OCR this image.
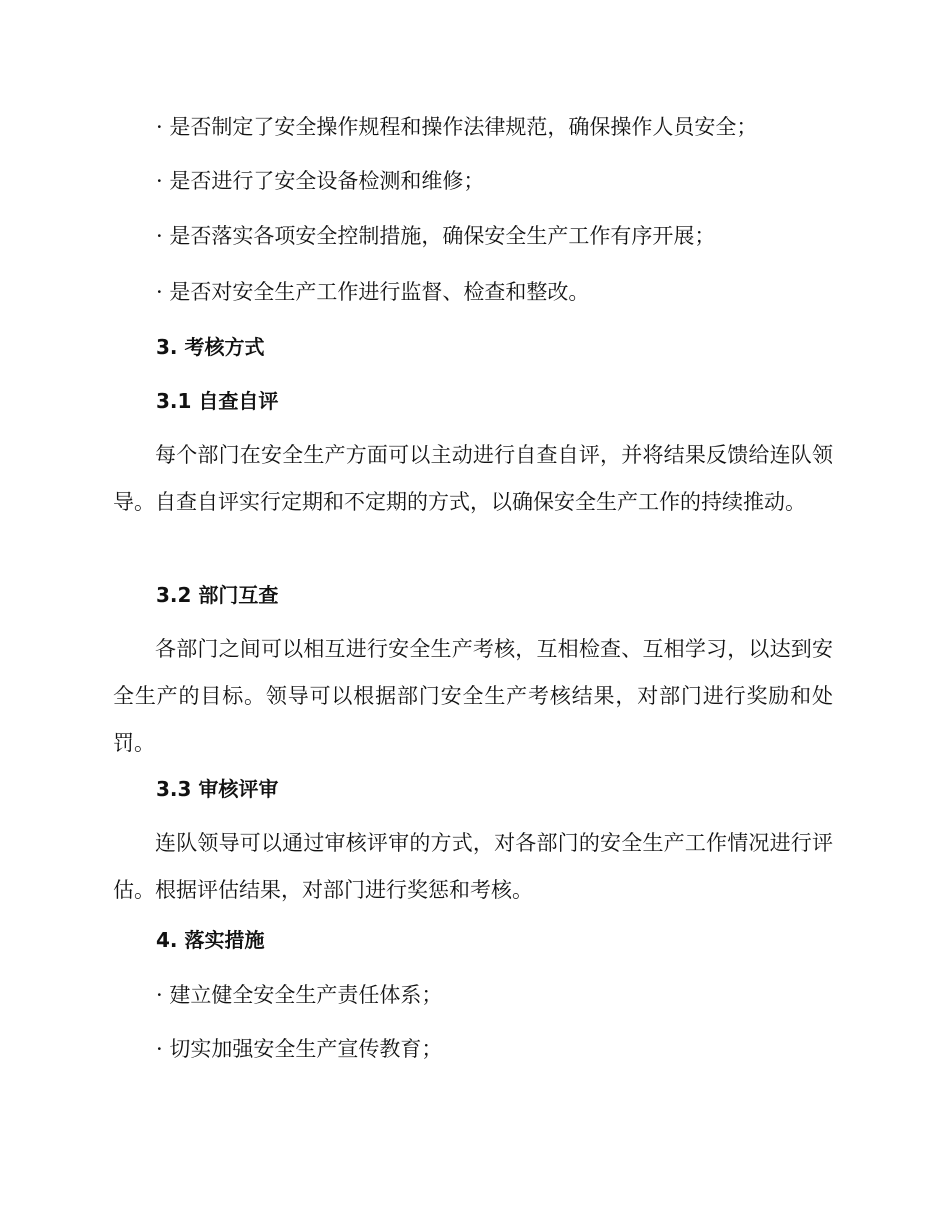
· 是否制定了安全操作规程和操作法律规范，确保操作人员安全；
· 是否进行了安全设备检测和维修；
· 是否落实各项安全控制措施，确保安全生产工作有序开展；
· 是否对安全生产工作进行监督、检查和整改。
3. 考核方式
3.1 自查自评
每个部门在安全生产方面可以主动进行自查自评，并将结果反馈给连队领导。自查自评实行定期和不定期的方式，以确保安全生产工作的持续推动。
3.2 部门互查
各部门之间可以相互进行安全生产考核，互相检查、互相学习，以达到安全生产的目标。领导可以根据部门安全生产考核结果，对部门进行奖励和处罚。
3.3 审核评审
连队领导可以通过审核评审的方式，对各部门的安全生产工作情况进行评估。根据评估结果，对部门进行奖惩和考核。
4. 落实措施
· 建立健全安全生产责任体系；
· 切实加强安全生产宣传教育；
